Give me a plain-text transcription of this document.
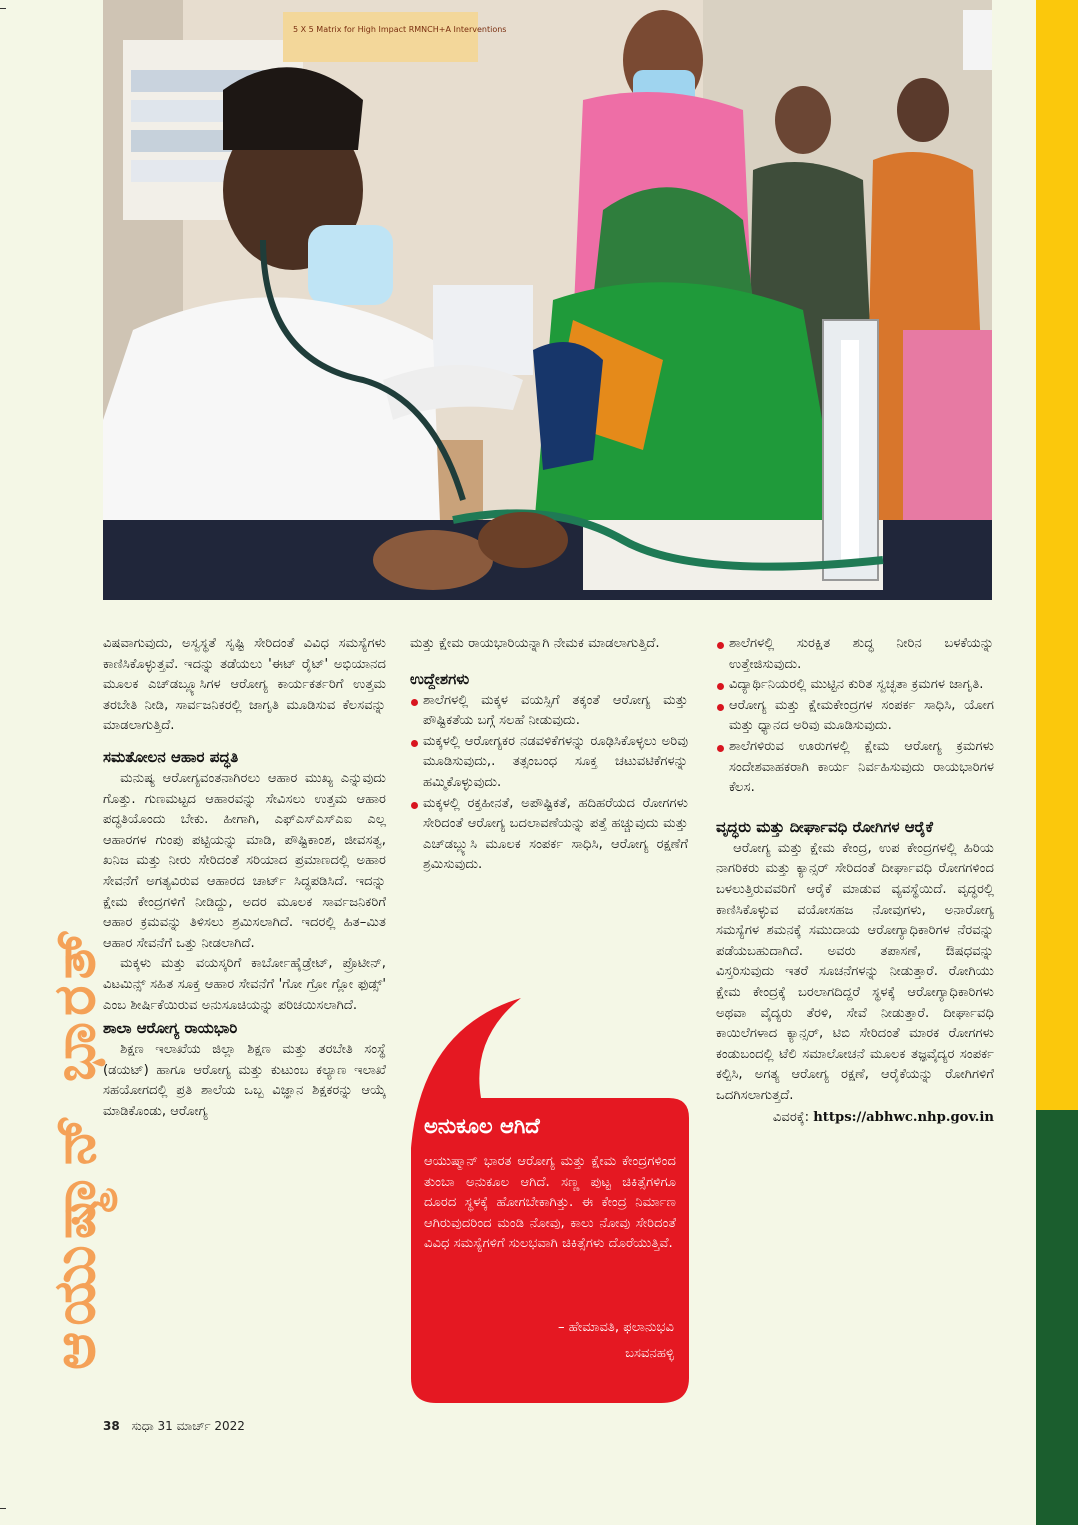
5 X 5 Matrix for High Impact RMNCH+A Interventions
ಆಯುಷ್ಮಾನ್ ಭಾರತ್

ವಿಷವಾಗುವುದು, ಅಸ್ವಸ್ಥತೆ ಸೃಷ್ಟಿ ಸೇರಿದಂತೆ ವಿವಿಧ ಸಮಸ್ಯೆಗಳು ಕಾಣಿಸಿಕೊಳ್ಳುತ್ತವೆ. ಇದನ್ನು ತಡೆಯಲು 'ಈಟ್ ರೈಟ್' ಅಭಿಯಾನದ ಮೂಲಕ ಎಚ್‌ಡಬ್ಲ್ಯೂಸಿಗಳ ಆರೋಗ್ಯ ಕಾರ್ಯಕರ್ತರಿಗೆ ಉತ್ತಮ ತರಬೇತಿ ನೀಡಿ, ಸಾರ್ವಜನಿಕರಲ್ಲಿ ಜಾಗೃತಿ ಮೂಡಿಸುವ ಕೆಲಸವನ್ನು ಮಾಡಲಾಗುತ್ತಿದೆ.

ಸಮತೋಲನ ಆಹಾರ ಪದ್ಧತಿ

ಮನುಷ್ಯ ಆರೋಗ್ಯವಂತನಾಗಿರಲು ಆಹಾರ ಮುಖ್ಯ ಎನ್ನುವುದು ಗೊತ್ತು. ಗುಣಮಟ್ಟದ ಆಹಾರವನ್ನು ಸೇವಿಸಲು ಉತ್ತಮ ಆಹಾರ ಪದ್ಧತಿಯೊಂದು ಬೇಕು. ಹೀಗಾಗಿ, ಎಫ್‌ಎಸ್ಎಸ್ಎಐ ಎಲ್ಲ ಆಹಾರಗಳ ಗುಂಪು ಪಟ್ಟಿಯನ್ನು ಮಾಡಿ, ಪೌಷ್ಟಿಕಾಂಶ, ಜೀವಸತ್ವ, ಖನಿಜ ಮತ್ತು ನೀರು ಸೇರಿದಂತೆ ಸರಿಯಾದ ಪ್ರಮಾಣದಲ್ಲಿ ಅಹಾರ ಸೇವನೆಗೆ ಅಗತ್ಯವಿರುವ ಆಹಾರದ ಚಾರ್ಟ್ ಸಿದ್ಧಪಡಿಸಿದೆ. ಇದನ್ನು ಕ್ಷೇಮ ಕೇಂದ್ರಗಳಿಗೆ ನೀಡಿದ್ದು, ಅದರ ಮೂಲಕ ಸಾರ್ವಜನಿಕರಿಗೆ ಆಹಾರ ಕ್ರಮವನ್ನು ತಿಳಿಸಲು ಶ್ರಮಿಸಲಾಗಿದೆ. ಇದರಲ್ಲಿ ಹಿತ–ಮಿತ ಆಹಾರ ಸೇವನೆಗೆ ಒತ್ತು ನೀಡಲಾಗಿದೆ.

ಮಕ್ಕಳು ಮತ್ತು ವಯಸ್ಕರಿಗೆ ಕಾರ್ಬೋಹೈಡ್ರೇಟ್, ಪ್ರೊಟೀನ್, ವಿಟಮಿನ್ಸ್ ಸಹಿತ ಸೂಕ್ತ ಆಹಾರ ಸೇವನೆಗೆ 'ಗೋ ಗ್ರೋ ಗ್ಲೋ ಫುಡ್ಸ್' ಎಂಬ ಶೀರ್ಷಿಕೆಯಿರುವ ಅನುಸೂಚಿಯನ್ನು ಪರಿಚಯಿಸಲಾಗಿದೆ.

ಶಾಲಾ ಆರೋಗ್ಯ ರಾಯಭಾರಿ

ಶಿಕ್ಷಣ ಇಲಾಖೆಯ ಜಿಲ್ಲಾ ಶಿಕ್ಷಣ ಮತ್ತು ತರಬೇತಿ ಸಂಸ್ಥೆ (ಡಯಟ್) ಹಾಗೂ ಆರೋಗ್ಯ ಮತ್ತು ಕುಟುಂಬ ಕಲ್ಯಾಣ ಇಲಾಖೆ ಸಹಯೋಗದಲ್ಲಿ ಪ್ರತಿ ಶಾಲೆಯ ಒಬ್ಬ ವಿಜ್ಞಾನ ಶಿಕ್ಷಕರನ್ನು ಆಯ್ಕೆ ಮಾಡಿಕೊಂಡು, ಆರೋಗ್ಯ

ಮತ್ತು ಕ್ಷೇಮ ರಾಯಭಾರಿಯನ್ನಾಗಿ ನೇಮಕ ಮಾಡಲಾಗುತ್ತಿದೆ.

ಉದ್ದೇಶಗಳು
ಶಾಲೆಗಳಲ್ಲಿ ಮಕ್ಕಳ ವಯಸ್ಸಿಗೆ ತಕ್ಕಂತೆ ಆರೋಗ್ಯ ಮತ್ತು ಪೌಷ್ಟಿಕತೆಯ ಬಗ್ಗೆ ಸಲಹೆ ನೀಡುವುದು.
ಮಕ್ಕಳಲ್ಲಿ ಆರೋಗ್ಯಕರ ನಡವಳಿಕೆಗಳನ್ನು ರೂಢಿಸಿಕೊಳ್ಳಲು ಅರಿವು ಮೂಡಿಸುವುದು,. ತತ್ಸಂಬಂಧ ಸೂಕ್ತ ಚಟುವಟಿಕೆಗಳನ್ನು ಹಮ್ಮಿಕೊಳ್ಳುವುದು.
ಮಕ್ಕಳಲ್ಲಿ ರಕ್ತಹೀನತೆ, ಅಪೌಷ್ಟಿಕತೆ, ಹದಿಹರೆಯದ ರೋಗಗಳು ಸೇರಿದಂತೆ ಆರೋಗ್ಯ ಬದಲಾವಣೆಯನ್ನು ಪತ್ತೆ ಹಚ್ಚುವುದು ಮತ್ತು ಎಚ್‌ಡಬ್ಲ್ಯುಸಿ ಮೂಲಕ ಸಂಪರ್ಕ ಸಾಧಿಸಿ, ಆರೋಗ್ಯ ರಕ್ಷಣೆಗೆ ಶ್ರಮಿಸುವುದು.
ಅನುಕೂಲ ಆಗಿದೆ
ಆಯುಷ್ಮಾನ್ ಭಾರತ ಆರೋಗ್ಯ ಮತ್ತು ಕ್ಷೇಮ ಕೇಂದ್ರಗಳಿಂದ ತುಂಬಾ ಅನುಕೂಲ ಆಗಿದೆ. ಸಣ್ಣ ಪುಟ್ಟ ಚಿಕಿತ್ಸೆಗಳಿಗೂ ದೂರದ ಸ್ಥಳಕ್ಕೆ ಹೋಗಬೇಕಾಗಿತ್ತು. ಈ ಕೇಂದ್ರ ನಿರ್ಮಾಣ ಆಗಿರುವುದರಿಂದ ಮಂಡಿ ನೋವು, ಕಾಲು ನೋವು ಸೇರಿದಂತೆ ವಿವಿಧ ಸಮಸ್ಯೆಗಳಿಗೆ ಸುಲಭವಾಗಿ ಚಿಕಿತ್ಸೆಗಳು ದೊರೆಯುತ್ತಿವೆ.
– ಹೇಮಾವತಿ, ಫಲಾನುಭವಿ
ಬಸವನಹಳ್ಳಿ
ಶಾಲೆಗಳಲ್ಲಿ ಸುರಕ್ಷಿತ ಶುದ್ಧ ನೀರಿನ ಬಳಕೆಯನ್ನು ಉತ್ತೇಜಿಸುವುದು.
ವಿದ್ಯಾರ್ಥಿನಿಯರಲ್ಲಿ ಮುಟ್ಟಿನ ಕುರಿತ ಸ್ವಚ್ಛತಾ ಕ್ರಮಗಳ ಜಾಗೃತಿ.
ಆರೋಗ್ಯ ಮತ್ತು ಕ್ಷೇಮಕೇಂದ್ರಗಳ ಸಂಪರ್ಕ ಸಾಧಿಸಿ, ಯೋಗ ಮತ್ತು ಧ್ಯಾನದ ಅರಿವು ಮೂಡಿಸುವುದು.
ಶಾಲೆಗಳಿರುವ ಊರುಗಳಲ್ಲಿ ಕ್ಷೇಮ ಆರೋಗ್ಯ ಕ್ರಮಗಳು ಸಂದೇಶವಾಹಕರಾಗಿ ಕಾರ್ಯ ನಿರ್ವಹಿಸುವುದು ರಾಯಭಾರಿಗಳ ಕೆಲಸ.
ವೃದ್ಧರು ಮತ್ತು ದೀರ್ಘಾವಧಿ ರೋಗಿಗಳ ಆರೈಕೆ

ಆರೋಗ್ಯ ಮತ್ತು ಕ್ಷೇಮ ಕೇಂದ್ರ, ಉಪ ಕೇಂದ್ರಗಳಲ್ಲಿ ಹಿರಿಯ ನಾಗರಿಕರು ಮತ್ತು ಕ್ಯಾನ್ಸರ್ ಸೇರಿದಂತೆ ದೀರ್ಘಾವಧಿ ರೋಗಗಳಿಂದ ಬಳಲುತ್ತಿರುವವರಿಗೆ ಆರೈಕೆ ಮಾಡುವ ವ್ಯವಸ್ಥೆಯಿದೆ. ವೃದ್ಧರಲ್ಲಿ ಕಾಣಿಸಿಕೊಳ್ಳುವ ವಯೋಸಹಜ ನೋವುಗಳು, ಅನಾರೋಗ್ಯ ಸಮಸ್ಯೆಗಳ ಶಮನಕ್ಕೆ ಸಮುದಾಯ ಆರೋಗ್ಯಾಧಿಕಾರಿಗಳ ನೆರವನ್ನು ಪಡೆಯಬಹುದಾಗಿದೆ. ಅವರು ತಪಾಸಣೆ, ಔಷಧವನ್ನು ವಿಸ್ತರಿಸುವುದು ಇತರೆ ಸೂಚನೆಗಳನ್ನು ನೀಡುತ್ತಾರೆ. ರೋಗಿಯು ಕ್ಷೇಮ ಕೇಂದ್ರಕ್ಕೆ ಬರಲಾಗದಿದ್ದರೆ ಸ್ಥಳಕ್ಕೆ ಆರೋಗ್ಯಾಧಿಕಾರಿಗಳು ಅಥವಾ ವೈದ್ಯರು ತೆರಳಿ, ಸೇವೆ ನೀಡುತ್ತಾರೆ. ದೀರ್ಘಾವಧಿ ಕಾಯಿಲೆಗಳಾದ ಕ್ಯಾನ್ಸರ್, ಟಿಬಿ ಸೇರಿದಂತೆ ಮಾರಕ ರೋಗಗಳು ಕಂಡುಬಂದಲ್ಲಿ ಟೆಲಿ ಸಮಾಲೋಚನೆ ಮೂಲಕ ತಜ್ಞವೈದ್ಯರ ಸಂಪರ್ಕ ಕಲ್ಪಿಸಿ, ಅಗತ್ಯ ಆರೋಗ್ಯ ರಕ್ಷಣೆ, ಆರೈಕೆಯನ್ನು ರೋಗಿಗಳಿಗೆ ಒದಗಿಸಲಾಗುತ್ತದೆ.

ವಿವರಕ್ಕೆ: https://abhwc.nhp.gov.in

38 ಸುಧಾ 31 ಮಾರ್ಚ್ 2022
